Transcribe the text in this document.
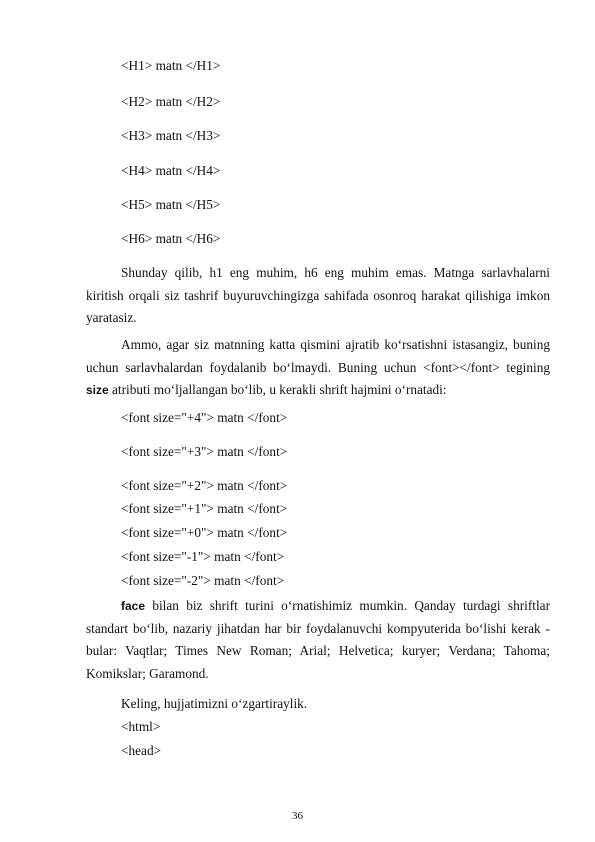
<H1> matn </H1>
<H2> matn </H2>
<H3> matn </H3>
<H4> matn </H4>
<H5> matn </H5>
<H6> matn </H6>
Shunday qilib, h1 eng muhim, h6 eng muhim emas. Matnga sarlavhalarni kiritish orqali siz tashrif buyuruvchingizga sahifada osonroq harakat qilishiga imkon yaratasiz.
Ammo, agar siz matnning katta qismini ajratib ko‘rsatishni istasangiz, buning uchun sarlavhalardan foydalanib bo‘lmaydi. Buning uchun <font></font> tegining size atributi mo‘ljallangan bo‘lib, u kerakli shrift hajmini o‘rnatadi:
<font size="+4"> matn </font>
<font size="+3"> matn </font>
<font size="+2"> matn </font>
<font size="+1"> matn </font>
<font size="+0"> matn </font>
<font size="-1"> matn </font>
<font size="-2"> matn </font>
face bilan biz shrift turini o‘rnatishimiz mumkin. Qanday turdagi shriftlar standart bo‘lib, nazariy jihatdan har bir foydalanuvchi kompyuterida bo‘lishi kerak - bular: Vaqtlar; Times New Roman; Arial; Helvetica; kuryer; Verdana; Tahoma; Komikslar; Garamond.
Keling, hujjatimizni o‘zgartiraylik.
<html>
<head>
36
